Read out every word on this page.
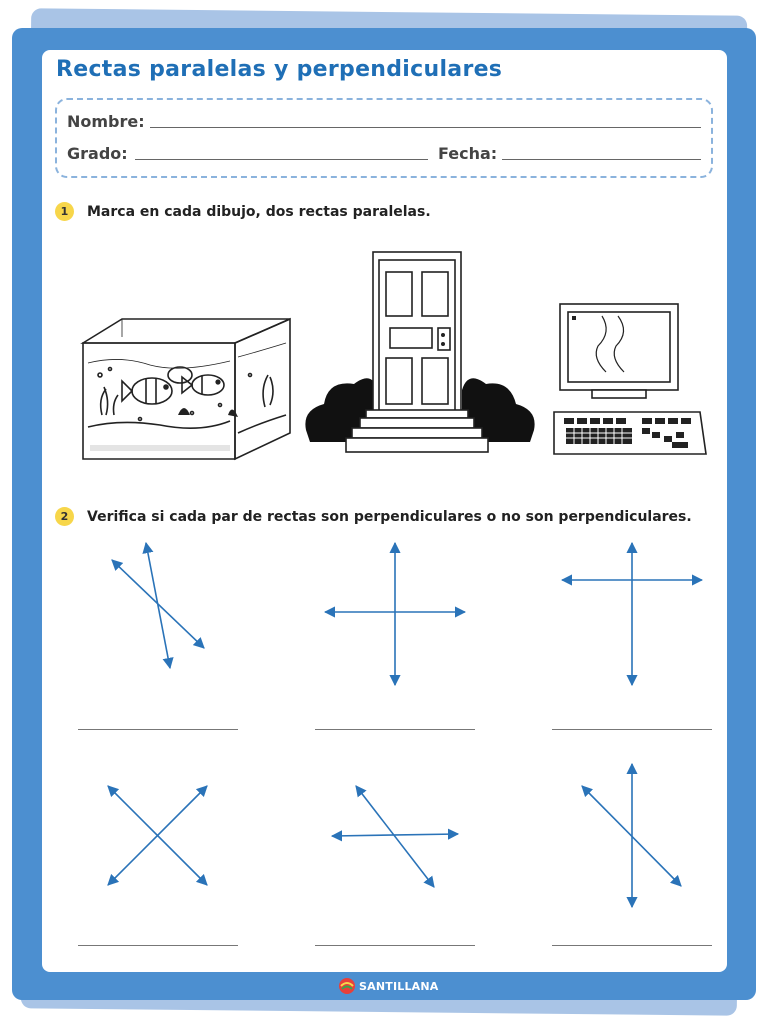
Rectas paralelas y perpendiculares
Nombre:
Grado:	Fecha:
1	Marca en cada dibujo, dos rectas paralelas.
2	Verifica si cada par de rectas son perpendiculares o no son perpendiculares.
SANTILLANA
